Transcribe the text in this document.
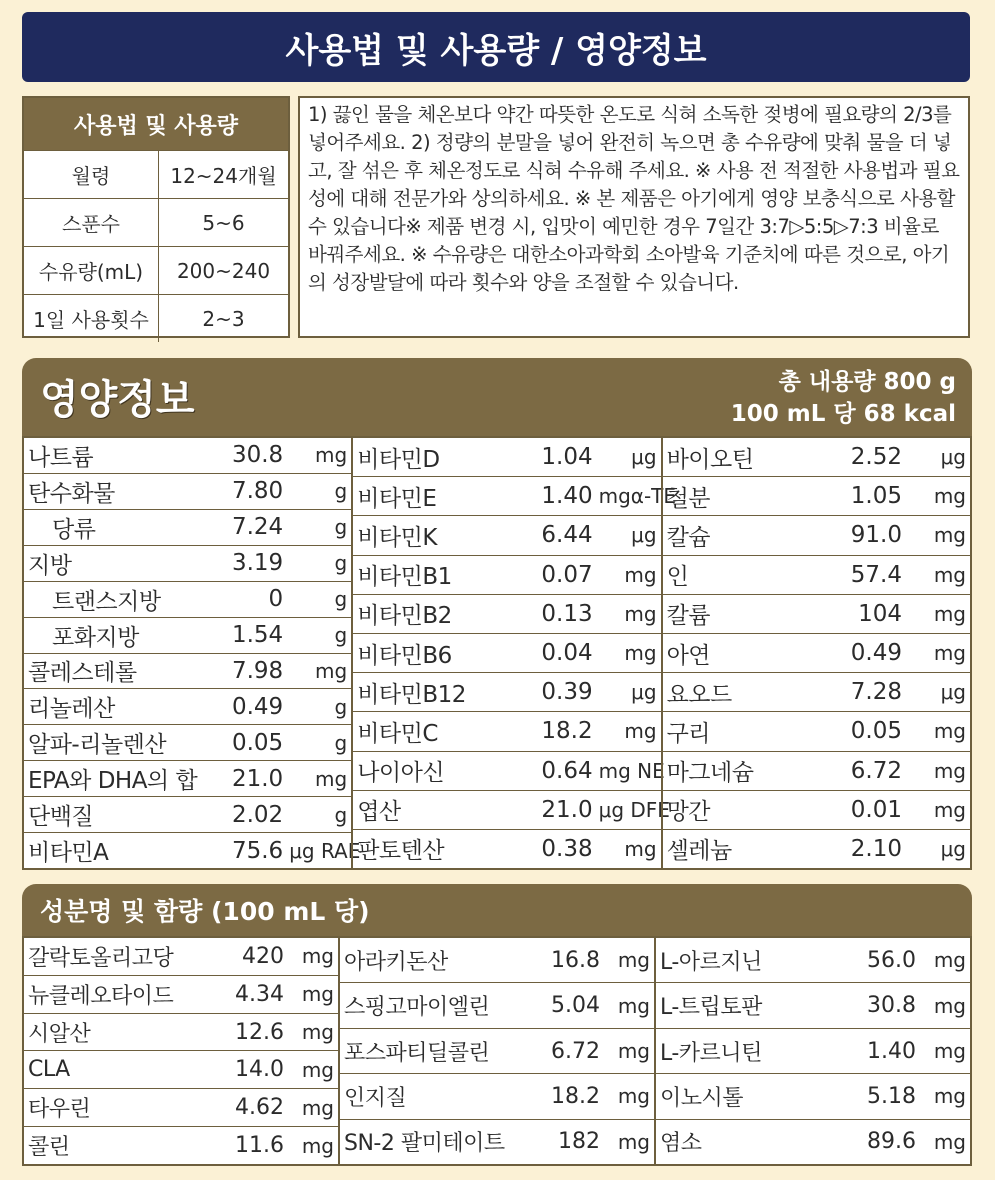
사용법 및 사용량 / 영양정보
사용법 및 사용량
월령	12~24개월
스푼수	5~6
수유량(mL)	200~240
1일 사용횟수	2~3
1) 끓인 물을 체온보다 약간 따뜻한 온도로 식혀 소독한 젖병에 필요량의 2/3를 넣어주세요. 2) 정량의 분말을 넣어 완전히 녹으면 총 수유량에 맞춰 물을 더 넣고, 잘 섞은 후 체온정도로 식혀 수유해 주세요. ※ 사용 전 적절한 사용법과 필요성에 대해 전문가와 상의하세요. ※ 본 제품은 아기에게 영양 보충식으로 사용할 수 있습니다※ 제품 변경 시, 입맛이 예민한 경우 7일간 3:7▷5:5▷7:3 비율로 바꿔주세요. ※ 수유량은 대한소아과학회 소아발육 기준치에 따른 것으로, 아기의 성장발달에 따라 횟수와 양을 조절할 수 있습니다.
영양정보	총 내용량 800 g
100 mL 당 68 kcal
나트륨	30.8	mg
탄수화물	7.80	g
당류	7.24	g
지방	3.19	g
트랜스지방	0	g
포화지방	1.54	g
콜레스테롤	7.98	mg
리놀레산	0.49	g
알파-리놀렌산	0.05	g
EPA와 DHA의 합	21.0	mg
단백질	2.02	g
비타민A	75.6 μg RAE
비타민D	1.04	μg
비타민E	1.40 mgα-TE
비타민K	6.44	μg
비타민B1	0.07	mg
비타민B2	0.13	mg
비타민B6	0.04	mg
비타민B12	0.39	μg
비타민C	18.2	mg
나이아신	0.64 mg NE
엽산	21.0 μg DFE
판토텐산	0.38	mg
바이오틴	2.52	μg
철분	1.05	mg
칼슘	91.0	mg
인	57.4	mg
칼륨	104	mg
아연	0.49	mg
요오드	7.28	μg
구리	0.05	mg
마그네슘	6.72	mg
망간	0.01	mg
셀레늄	2.10	μg
성분명 및 함량 (100 mL 당)
갈락토올리고당	420 mg
뉴클레오타이드	4.34 mg
시알산	12.6 mg
CLA	14.0 mg
타우린	4.62 mg
콜린	11.6 mg
아라키돈산	16.8 mg
스핑고마이엘린	5.04 mg
포스파티딜콜린	6.72 mg
인지질	18.2 mg
SN-2 팔미테이트	182 mg
L-아르지닌	56.0 mg
L-트립토판	30.8 mg
L-카르니틴	1.40 mg
이노시톨	5.18 mg
염소	89.6 mg
